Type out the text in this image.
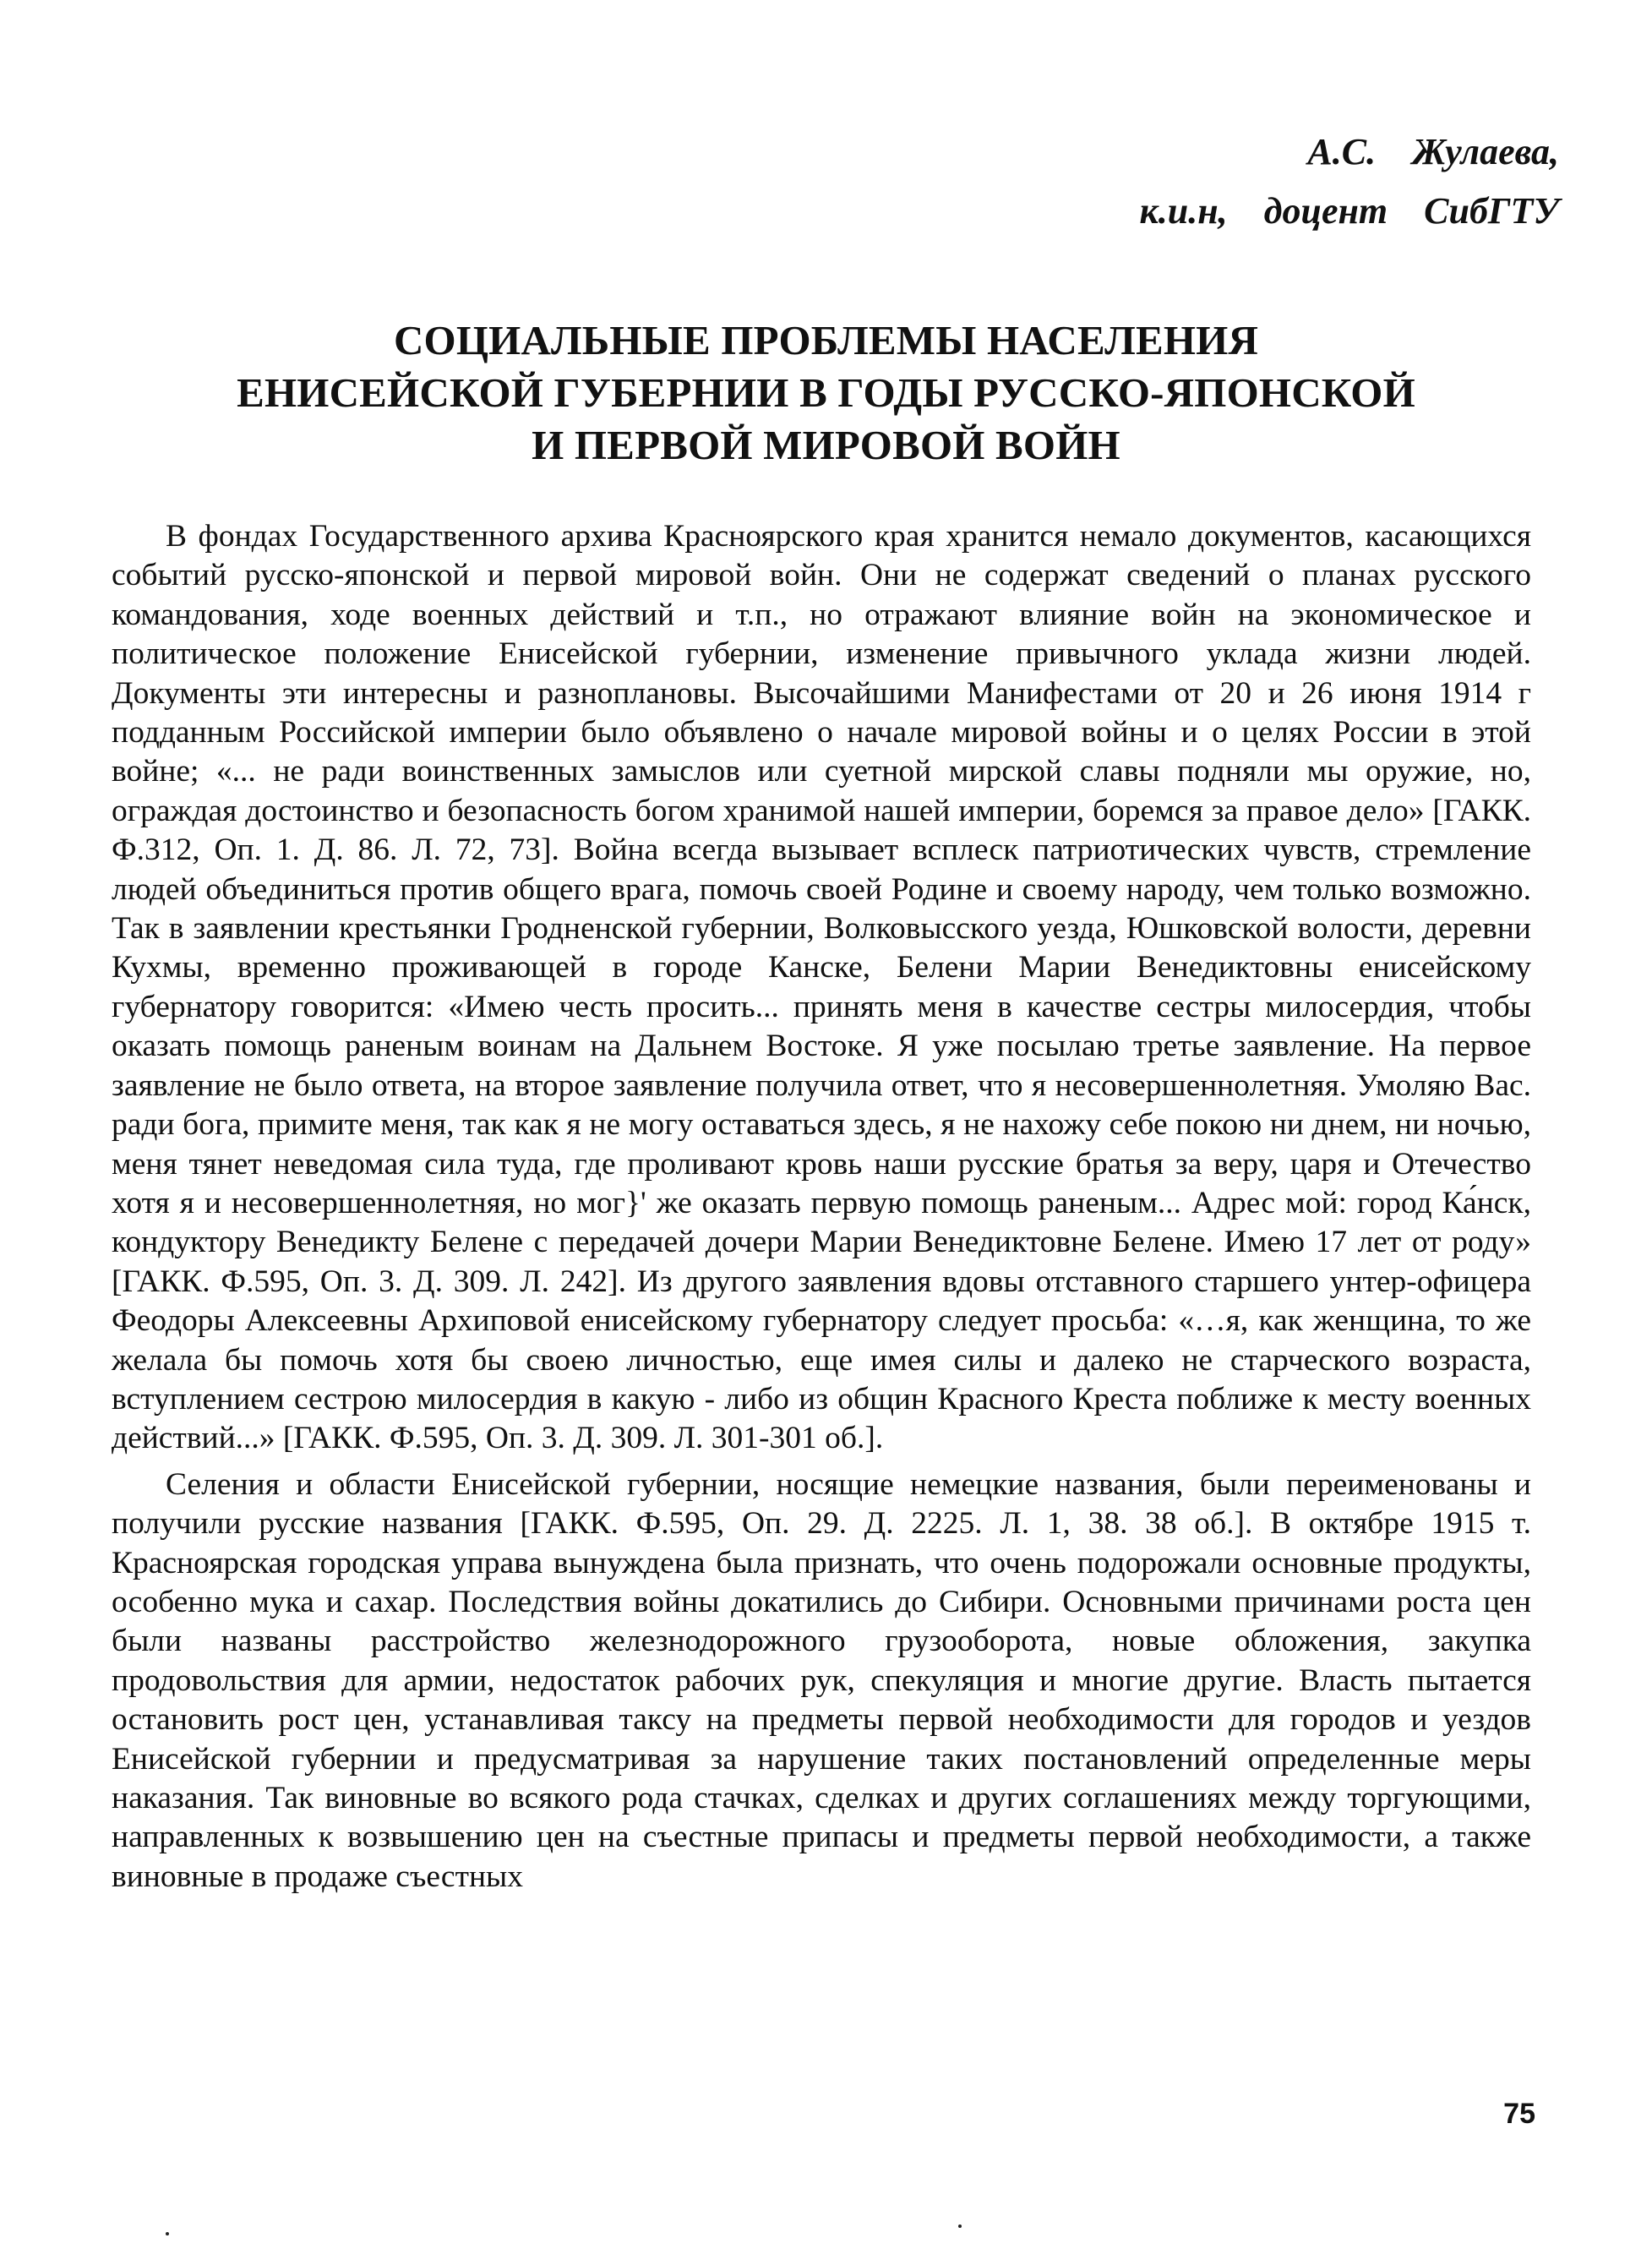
А.С. Жулаева,
к.и.н, доцент СибГТУ
СОЦИАЛЬНЫЕ ПРОБЛЕМЫ НАСЕЛЕНИЯ
ЕНИСЕЙСКОЙ ГУБЕРНИИ В ГОДЫ РУССКО-ЯПОНСКОЙ
И ПЕРВОЙ МИРОВОЙ ВОЙН

В фондах Государственного архива Красноярского края хранится немало документов, касающихся событий русско-японской и первой мировой войн. Они не содержат сведений о планах русского командования, ходе военных действий и т.п., но отражают влияние войн на экономическое и политическое положение Енисейской губернии, изменение привычного уклада жизни людей. Документы эти интересны и разноплановы. Высочайшими Манифестами от 20 и 26 июня 1914 г подданным Российской империи было объявлено о начале мировой войны и о целях России в этой войне; «... не ради воинственных замыслов или суетной мирской славы подняли мы оружие, но, ограждая достоинство и безопасность богом хранимой нашей империи, боремся за правое дело» [ГАКК. Ф.312, Оп. 1. Д. 86. Л. 72, 73]. Война всегда вызывает всплеск патриотических чувств, стремление людей объединиться против общего врага, помочь своей Родине и своему народу, чем только возможно. Так в заявлении крестьянки Гродненской губернии, Волковысского уезда, Юшковской волости, деревни Кухмы, временно проживающей в городе Канске, Белени Марии Венедиктовны енисейскому губернатору говорится: «Имею честь просить... принять меня в качестве сестры милосердия, чтобы оказать помощь раненым воинам на Дальнем Востоке. Я уже посылаю третье заявление. На первое заявление не было ответа, на второе заявление получила ответ, что я несовершеннолетняя. Умоляю Вас. ради бога, примите меня, так как я не могу оставаться здесь, я не нахожу себе покою ни днем, ни ночью, меня тянет неведомая сила туда, где проливают кровь наши русские братья за веру, царя и Отечество хотя я и несовершеннолетняя, но мог}' же оказать первую помощь раненым... Адрес мой: город Ка́нск, кондуктору Венедикту Белене с передачей дочери Марии Венедиктовне Белене. Имею 17 лет от роду» [ГАКК. Ф.595, Оп. 3. Д. 309. Л. 242]. Из другого заявления вдовы отставного старшего унтер-офицера Феодоры Алексеевны Архиповой енисейскому губернатору следует просьба: «…я, как женщина, то же желала бы помочь хотя бы своею личностью, еще имея силы и далеко не старческого возраста, вступлением сестрою милосердия в какую - либо из общин Красного Креста поближе к месту военных действий...» [ГАКК. Ф.595, Оп. 3. Д. 309. Л. 301-301 об.].

Селения и области Енисейской губернии, носящие немецкие названия, были переименованы и получили русские названия [ГАКК. Ф.595, Оп. 29. Д. 2225. Л. 1, 38. 38 об.]. В октябре 1915 т. Красноярская городская управа вынуждена была признать, что очень подорожали основные продукты, особенно мука и сахар. Последствия войны докатились до Сибири. Основными причинами роста цен были названы расстройство железнодорожного грузооборота, новые обложения, закупка продовольствия для армии, недостаток рабочих рук, спекуляция и многие другие. Власть пытается остановить рост цен, устанавливая таксу на предметы первой необходимости для городов и уездов Енисейской губернии и предусматривая за нарушение таких постановлений определенные меры наказания. Так виновные во всякого рода стачках, сделках и других соглашениях между торгующими, направленных к возвышению цен на съестные припасы и предметы первой необходимости, а также виновные в продаже съестных

75
